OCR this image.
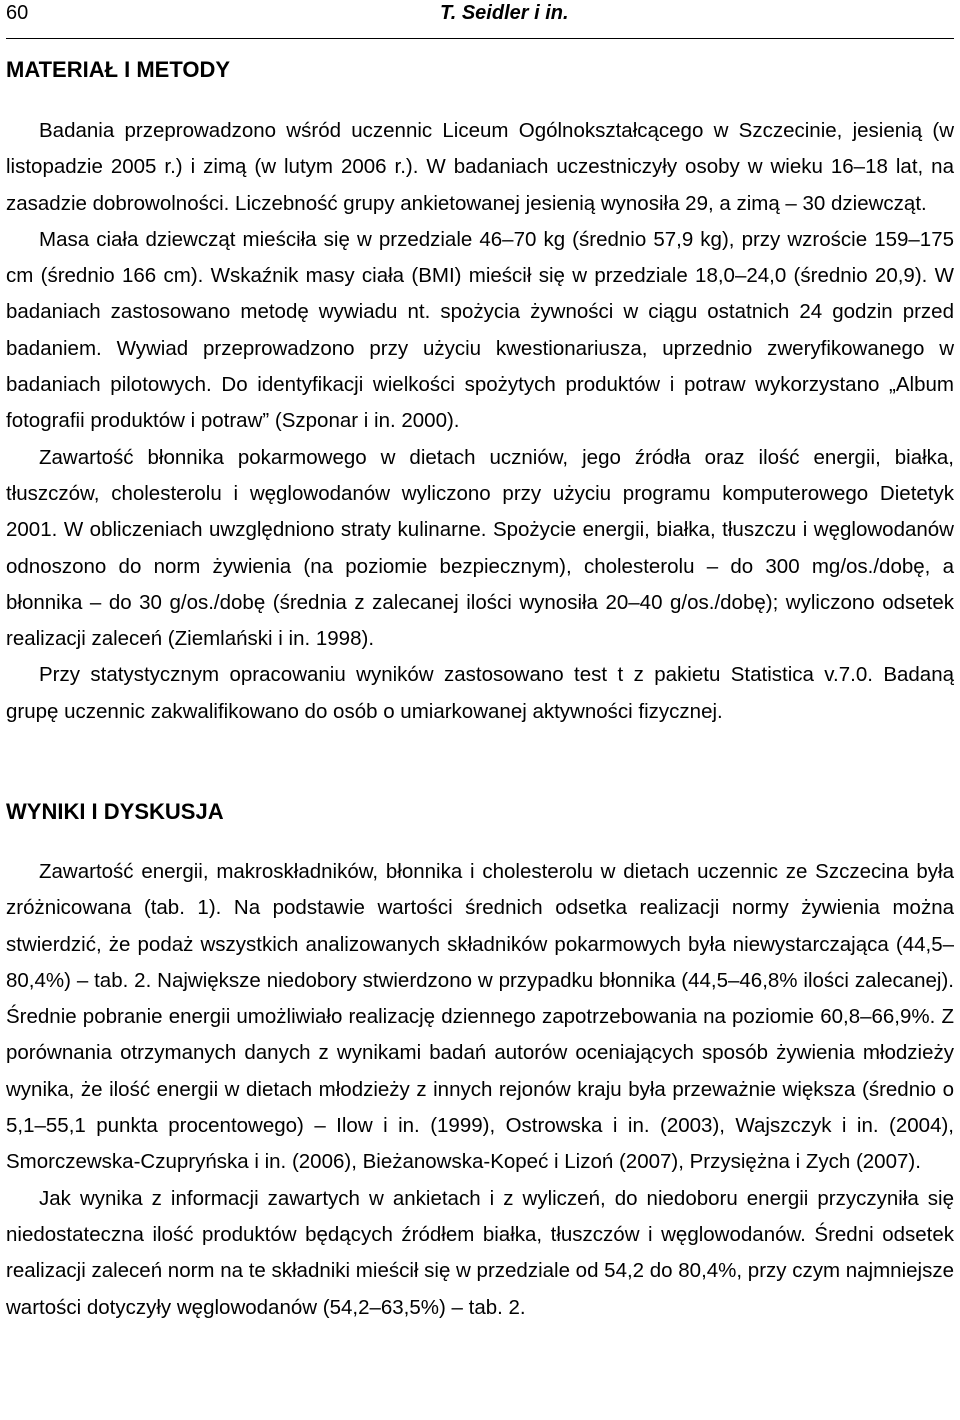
60	T. Seidler i in.
MATERIAŁ I METODY

Badania przeprowadzono wśród uczennic Liceum Ogólnokształcącego w Szczecinie, jesienią (w listopadzie 2005 r.) i zimą (w lutym 2006 r.). W badaniach uczestniczyły osoby w wieku 16–18 lat, na zasadzie dobrowolności. Liczebność grupy ankietowanej jesienią wynosiła 29, a zimą – 30 dziewcząt.

Masa ciała dziewcząt mieściła się w przedziale 46–70 kg (średnio 57,9 kg), przy wzroście 159–175 cm (średnio 166 cm). Wskaźnik masy ciała (BMI) mieścił się w przedziale 18,0–24,0 (średnio 20,9). W badaniach zastosowano metodę wywiadu nt. spożycia żywności w ciągu ostatnich 24 godzin przed badaniem. Wywiad przeprowadzono przy użyciu kwestionariusza, uprzednio zweryfikowanego w badaniach pilotowych. Do identyfikacji wielkości spożytych produktów i potraw wykorzystano „Album fotografii produktów i potraw” (Szponar i in. 2000).

Zawartość błonnika pokarmowego w dietach uczniów, jego źródła oraz ilość energii, białka, tłuszczów, cholesterolu i węglowodanów wyliczono przy użyciu programu komputerowego Dietetyk 2001. W obliczeniach uwzględniono straty kulinarne. Spożycie energii, białka, tłuszczu i węglowodanów odnoszono do norm żywienia (na poziomie bezpiecznym), cholesterolu – do 300 mg/os./dobę, a błonnika – do 30 g/os./dobę (średnia z zalecanej ilości wynosiła 20–40 g/os./dobę); wyliczono odsetek realizacji zaleceń (Ziemlański i in. 1998).

Przy statystycznym opracowaniu wyników zastosowano test t z pakietu Statistica v.7.0. Badaną grupę uczennic zakwalifikowano do osób o umiarkowanej aktywności fizycznej.

WYNIKI I DYSKUSJA

Zawartość energii, makroskładników, błonnika i cholesterolu w dietach uczennic ze Szczecina była zróżnicowana (tab. 1). Na podstawie wartości średnich odsetka realizacji normy żywienia można stwierdzić, że podaż wszystkich analizowanych składników pokarmowych była niewystarczająca (44,5–80,4%) – tab. 2. Największe niedobory stwierdzono w przypadku błonnika (44,5–46,8% ilości zalecanej). Średnie pobranie energii umożliwiało realizację dziennego zapotrzebowania na poziomie 60,8–66,9%. Z porównania otrzymanych danych z wynikami badań autorów oceniających sposób żywienia młodzieży wynika, że ilość energii w dietach młodzieży z innych rejonów kraju była przeważnie większa (średnio o 5,1–55,1 punkta procentowego) – Ilow i in. (1999), Ostrowska i in. (2003), Wajszczyk i in. (2004), Smorczewska-Czupryńska i in. (2006), Bieżanowska-Kopeć i Lizoń (2007), Przysiężna i Zych (2007).

Jak wynika z informacji zawartych w ankietach i z wyliczeń, do niedoboru energii przyczyniła się niedostateczna ilość produktów będących źródłem białka, tłuszczów i węglowodanów. Średni odsetek realizacji zaleceń norm na te składniki mieścił się w przedziale od 54,2 do 80,4%, przy czym najmniejsze wartości dotyczyły węglowodanów (54,2–63,5%) – tab. 2.
